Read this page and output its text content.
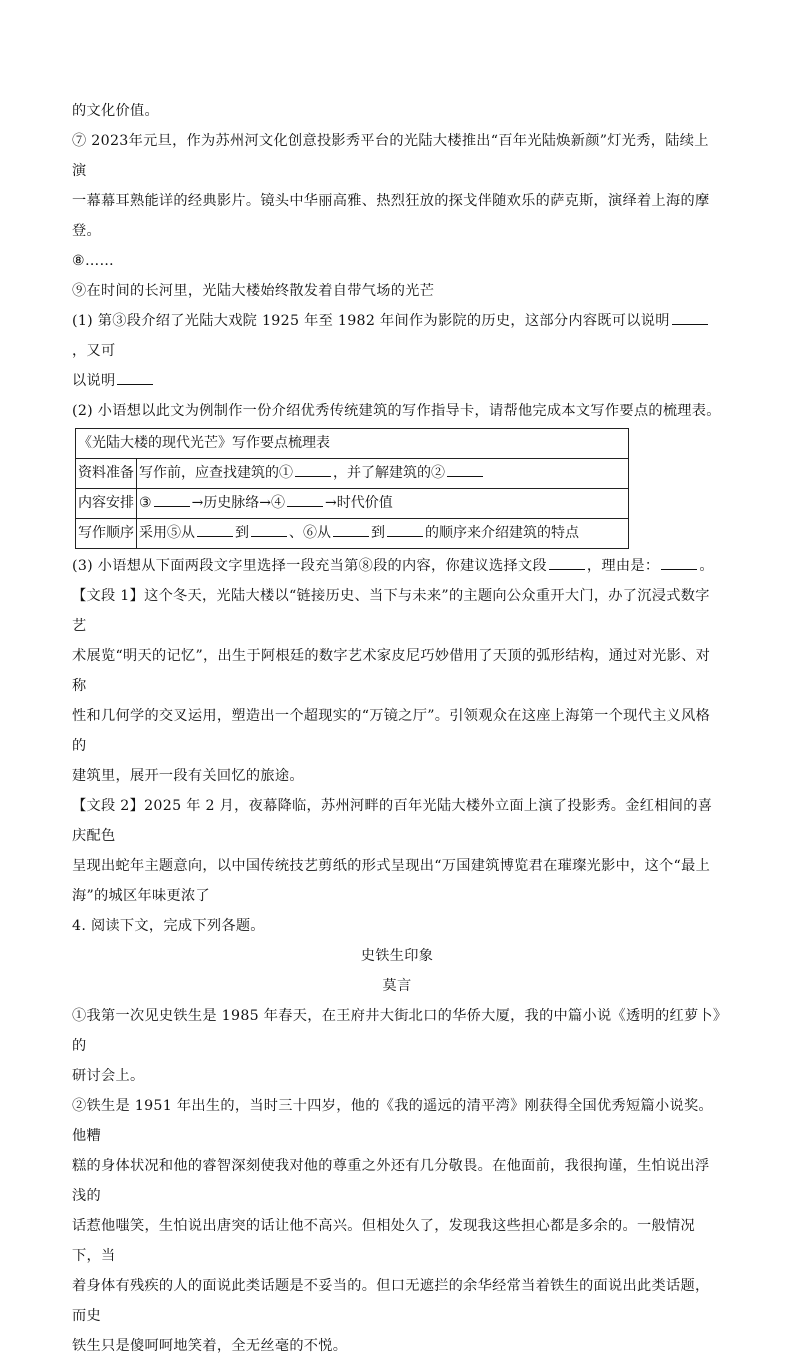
的文化价值。

⑦ 2023年元旦，作为苏州河文化创意投影秀平台的光陆大楼推出“百年光陆焕新颜”灯光秀，陆续上演

一幕幕耳熟能详的经典影片。镜头中华丽高雅、热烈狂放的探戈伴随欢乐的萨克斯，演绎着上海的摩登。

⑧……

⑨在时间的长河里，光陆大楼始终散发着自带气场的光芒

(1) 第③段介绍了光陆大戏院 1925 年至 1982 年间作为影院的历史，这部分内容既可以说明，又可

以说明

(2) 小语想以此文为例制作一份介绍优秀传统建筑的写作指导卡，请帮他完成本文写作要点的梳理表。

《光陆大楼的现代光芒》写作要点梳理表	
资料准备	写作前，应查找建筑的① ，并了解建筑的②
内容安排	③ →历史脉络→④ →时代价值
写作顺序	采用⑤从 到 、⑥从 到 的顺序来介绍建筑的特点

(3) 小语想从下面两段文字里选择一段充当第⑧段的内容，你建议选择文段	，理由是：	。

【文段 1】这个冬天，光陆大楼以“链接历史、当下与未来”的主题向公众重开大门，办了沉浸式数字艺

术展览“明天的记忆”，出生于阿根廷的数字艺术家皮尼巧妙借用了天顶的弧形结构，通过对光影、对称

性和几何学的交叉运用，塑造出一个超现实的“万镜之厅”。引领观众在这座上海第一个现代主义风格的

建筑里，展开一段有关回忆的旅途。

【文段 2】2025 年 2 月，夜幕降临，苏州河畔的百年光陆大楼外立面上演了投影秀。金红相间的喜庆配色

呈现出蛇年主题意向，以中国传统技艺剪纸的形式呈现出“万国建筑博览君在璀璨光影中，这个“最上

海”的城区年味更浓了

4. 阅读下文，完成下列各题。

史铁生印象

莫言

①我第一次见史铁生是 1985 年春天，在王府井大街北口的华侨大厦，我的中篇小说《透明的红萝卜》的

研讨会上。

②铁生是 1951 年出生的，当时三十四岁，他的《我的遥远的清平湾》刚获得全国优秀短篇小说奖。他糟

糕的身体状况和他的睿智深刻使我对他的尊重之外还有几分敬畏。在他面前，我很拘谨，生怕说出浮浅的

话惹他嗤笑，生怕说出唐突的话让他不高兴。但相处久了，发现我这些担心都是多余的。一般情况下，当

着身体有残疾的人的面说此类话题是不妥当的。但口无遮拦的余华经常当着铁生的面说出此类话题，而史

铁生只是傻呵呵地笑着，全无丝毫的不悦。
